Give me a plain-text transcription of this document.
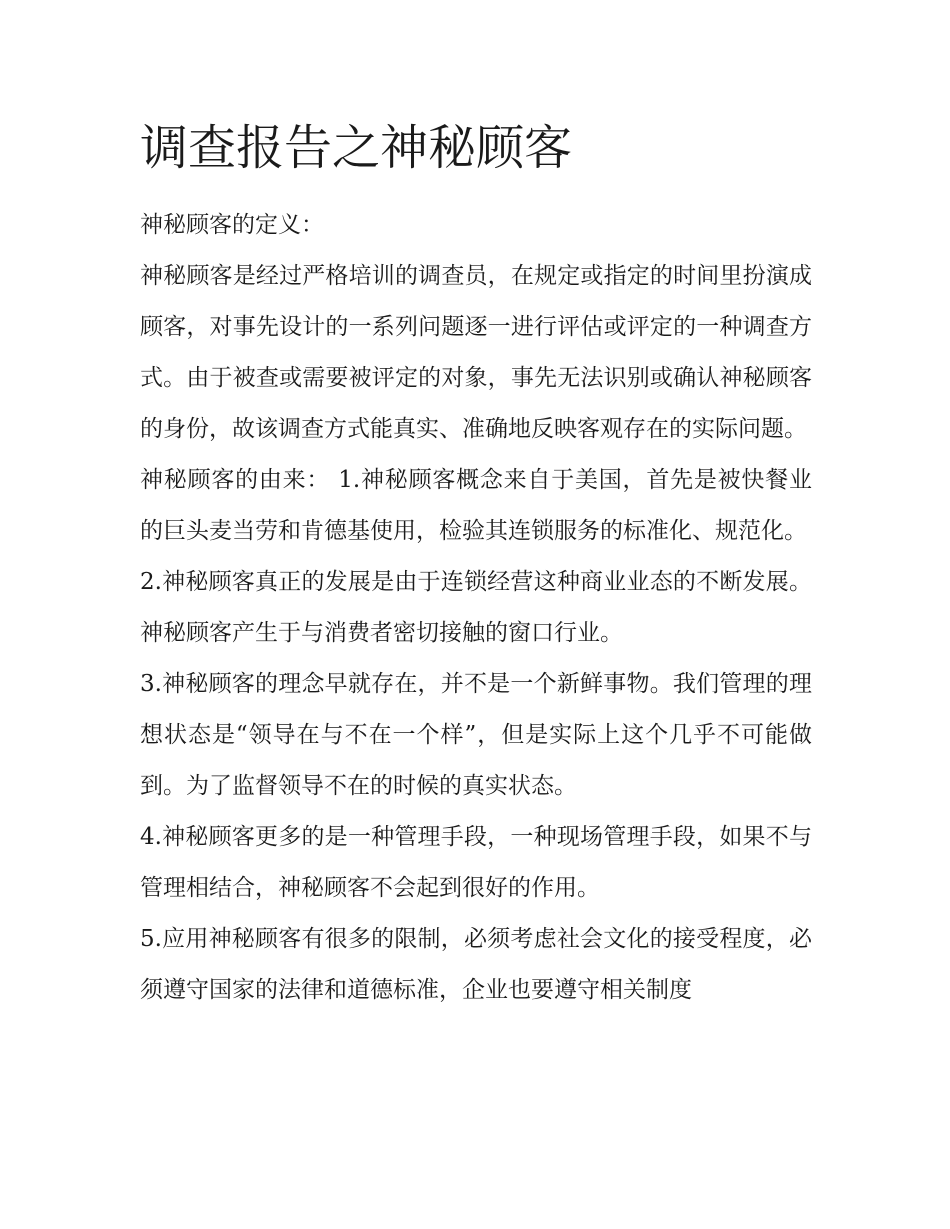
调查报告之神秘顾客

神秘顾客的定义：

神秘顾客是经过严格培训的调查员，在规定或指定的时间里扮演成顾客，对事先设计的一系列问题逐一进行评估或评定的一种调查方式。由于被查或需要被评定的对象，事先无法识别或确认神秘顾客的身份，故该调查方式能真实、准确地反映客观存在的实际问题。

神秘顾客的由来： 1.神秘顾客概念来自于美国，首先是被快餐业的巨头麦当劳和肯德基使用，检验其连锁服务的标准化、规范化。

2.神秘顾客真正的发展是由于连锁经营这种商业业态的不断发展。神秘顾客产生于与消费者密切接触的窗口行业。

3.神秘顾客的理念早就存在，并不是一个新鲜事物。我们管理的理想状态是“领导在与不在一个样”，但是实际上这个几乎不可能做到。为了监督领导不在的时候的真实状态。

4.神秘顾客更多的是一种管理手段，一种现场管理手段，如果不与管理相结合，神秘顾客不会起到很好的作用。

5.应用神秘顾客有很多的限制，必须考虑社会文化的接受程度，必须遵守国家的法律和道德标准，企业也要遵守相关制度
